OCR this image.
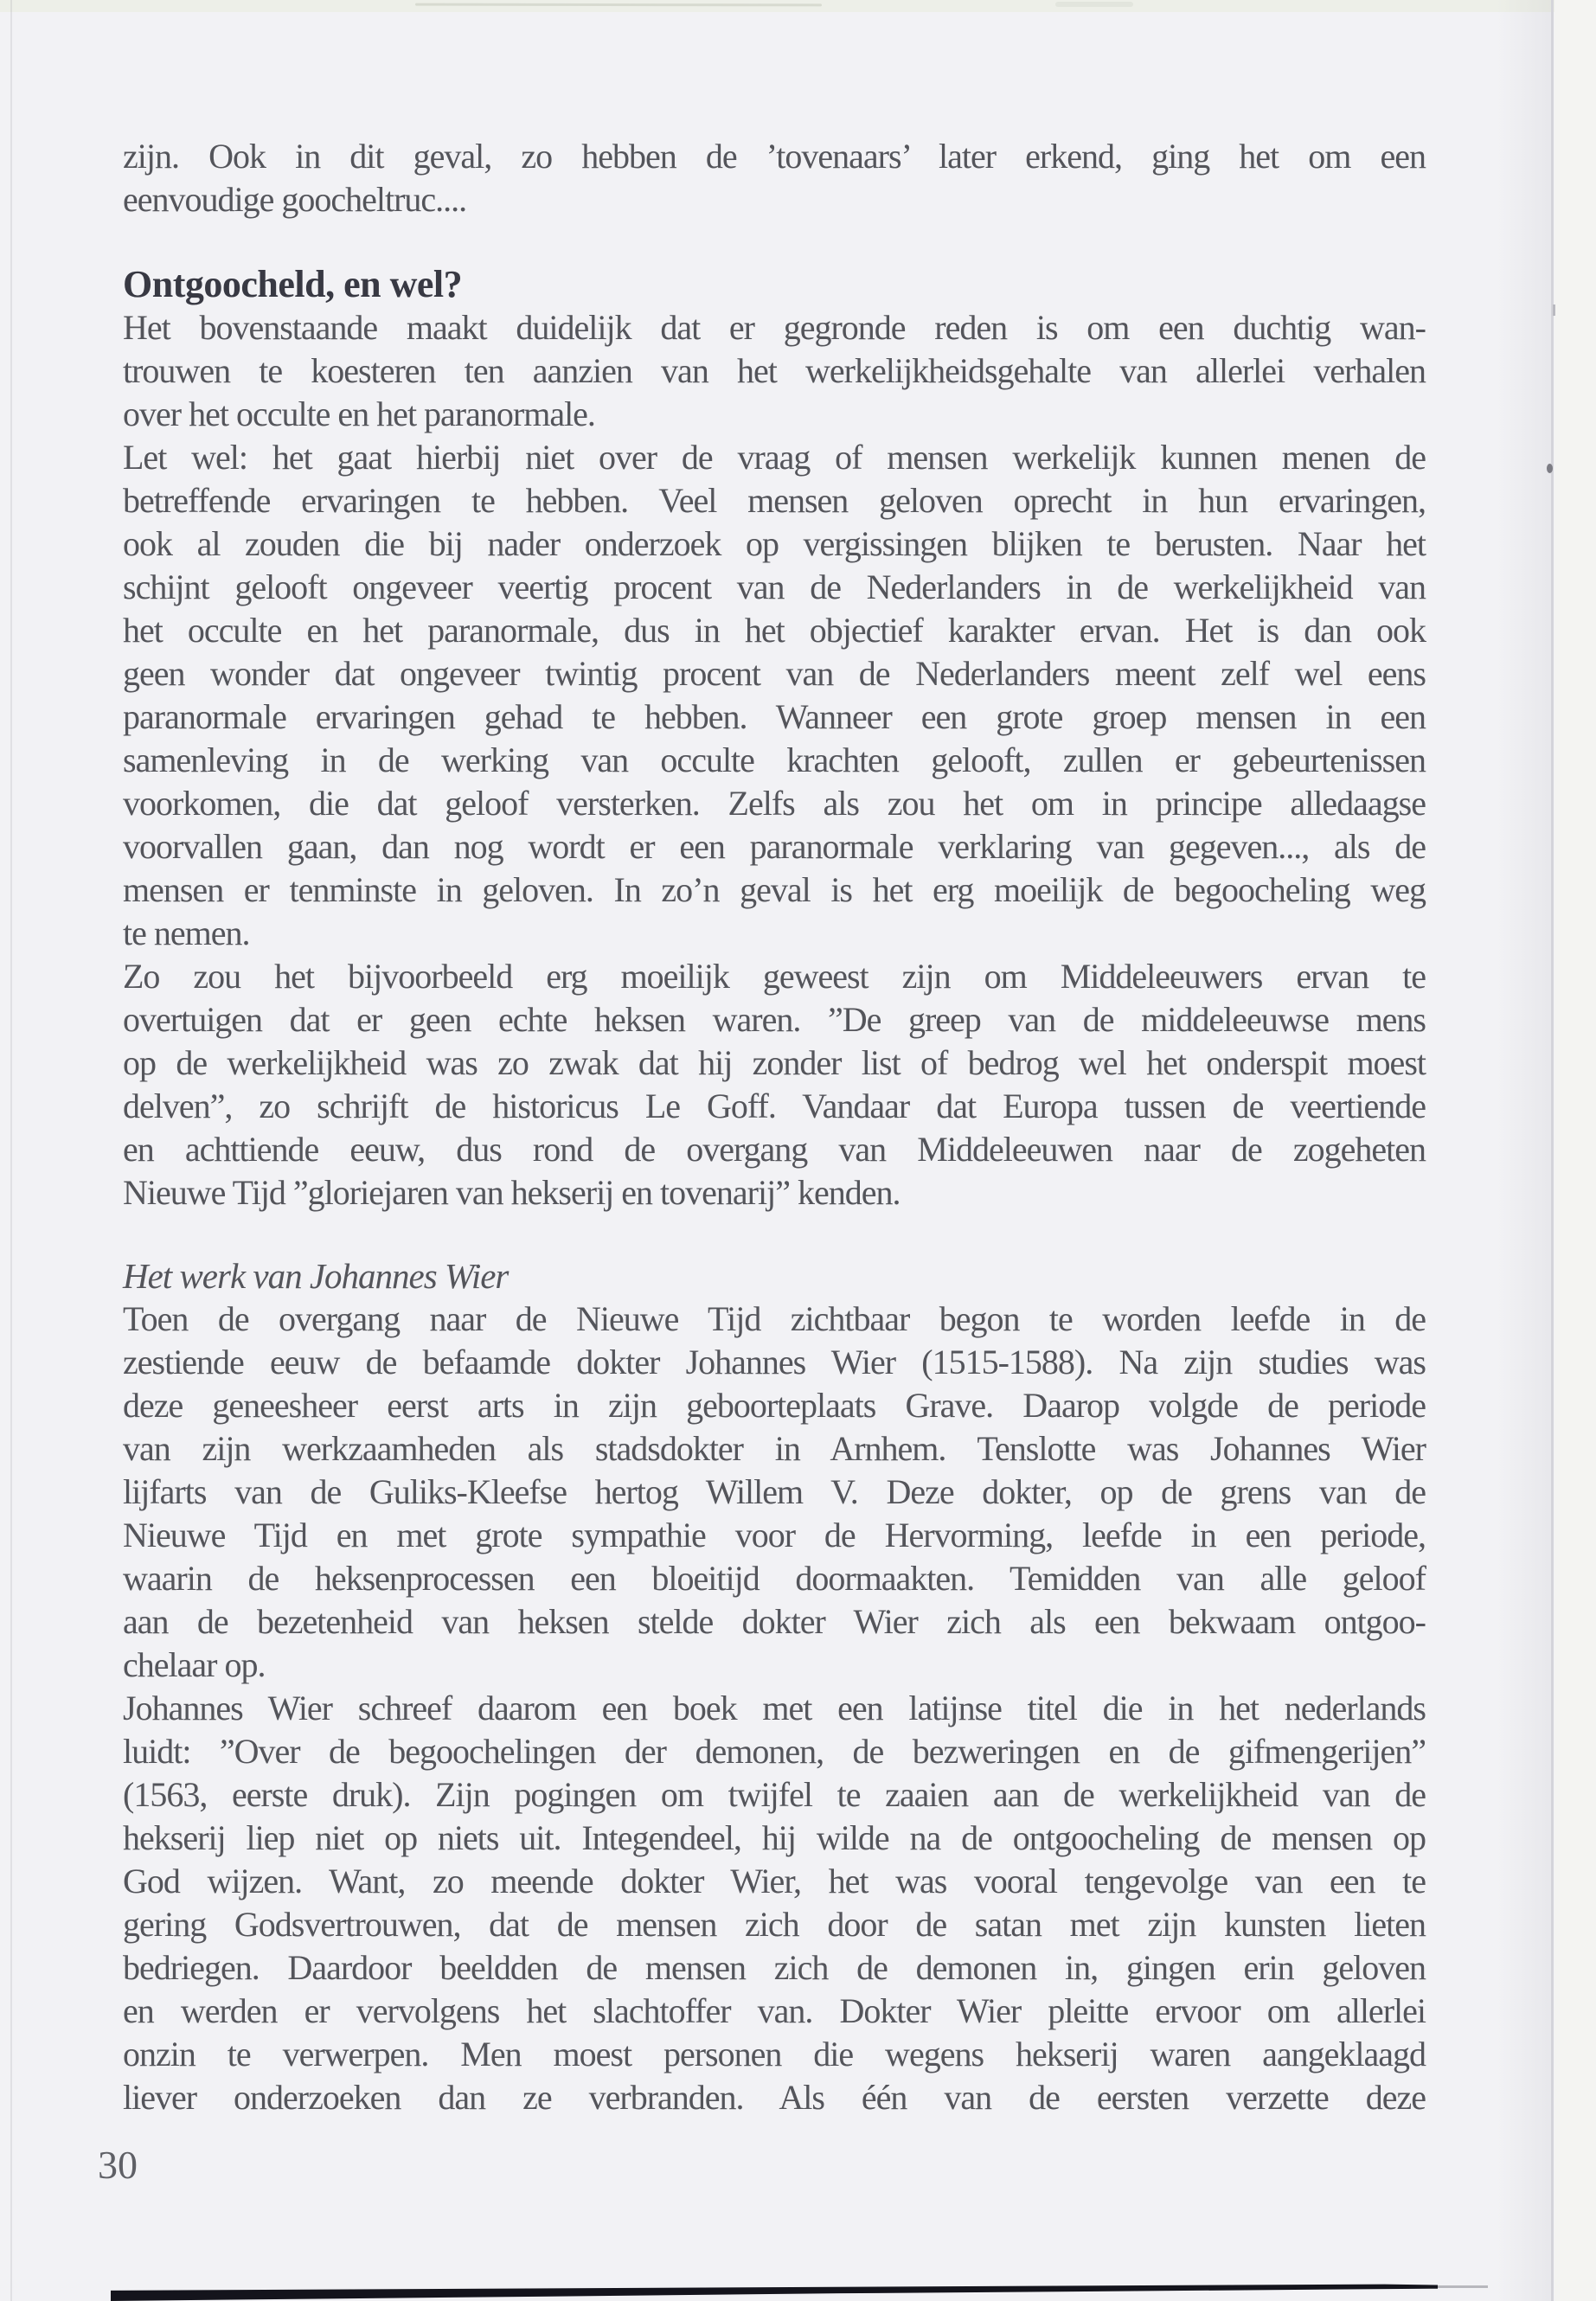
zijn. Ook in dit geval, zo hebben de ’tovenaars’ later erkend, ging het om een
eenvoudige goocheltruc....
Ontgoocheld, en wel?
Het bovenstaande maakt duidelijk dat er gegronde reden is om een duchtig wan-
trouwen te koesteren ten aanzien van het werkelijkheidsgehalte van allerlei verhalen
over het occulte en het paranormale.
Let wel: het gaat hierbij niet over de vraag of mensen werkelijk kunnen menen de
betreffende ervaringen te hebben. Veel mensen geloven oprecht in hun ervaringen,
ook al zouden die bij nader onderzoek op vergissingen blijken te berusten. Naar het
schijnt gelooft ongeveer veertig procent van de Nederlanders in de werkelijkheid van
het occulte en het paranormale, dus in het objectief karakter ervan. Het is dan ook
geen wonder dat ongeveer twintig procent van de Nederlanders meent zelf wel eens
paranormale ervaringen gehad te hebben. Wanneer een grote groep mensen in een
samenleving in de werking van occulte krachten gelooft, zullen er gebeurtenissen
voorkomen, die dat geloof versterken. Zelfs als zou het om in principe alledaagse
voorvallen gaan, dan nog wordt er een paranormale verklaring van gegeven..., als de
mensen er tenminste in geloven. In zo’n geval is het erg moeilijk de begoocheling weg
te nemen.
Zo zou het bijvoorbeeld erg moeilijk geweest zijn om Middeleeuwers ervan te
overtuigen dat er geen echte heksen waren. ”De greep van de middeleeuwse mens
op de werkelijkheid was zo zwak dat hij zonder list of bedrog wel het onderspit moest
delven”, zo schrijft de historicus Le Goff. Vandaar dat Europa tussen de veertiende
en achttiende eeuw, dus rond de overgang van Middeleeuwen naar de zogeheten
Nieuwe Tijd ”gloriejaren van hekserij en tovenarij” kenden.
Het werk van Johannes Wier
Toen de overgang naar de Nieuwe Tijd zichtbaar begon te worden leefde in de
zestiende eeuw de befaamde dokter Johannes Wier (1515-1588). Na zijn studies was
deze geneesheer eerst arts in zijn geboorteplaats Grave. Daarop volgde de periode
van zijn werkzaamheden als stadsdokter in Arnhem. Tenslotte was Johannes Wier
lijfarts van de Guliks-Kleefse hertog Willem V. Deze dokter, op de grens van de
Nieuwe Tijd en met grote sympathie voor de Hervorming, leefde in een periode,
waarin de heksenprocessen een bloeitijd doormaakten. Temidden van alle geloof
aan de bezetenheid van heksen stelde dokter Wier zich als een bekwaam ontgoo-
chelaar op.
Johannes Wier schreef daarom een boek met een latijnse titel die in het nederlands
luidt: ”Over de begoochelingen der demonen, de bezweringen en de gifmengerijen”
(1563, eerste druk). Zijn pogingen om twijfel te zaaien aan de werkelijkheid van de
hekserij liep niet op niets uit. Integendeel, hij wilde na de ontgoocheling de mensen op
God wijzen. Want, zo meende dokter Wier, het was vooral tengevolge van een te
gering Godsvertrouwen, dat de mensen zich door de satan met zijn kunsten lieten
bedriegen. Daardoor beeldden de mensen zich de demonen in, gingen erin geloven
en werden er vervolgens het slachtoffer van. Dokter Wier pleitte ervoor om allerlei
onzin te verwerpen. Men moest personen die wegens hekserij waren aangeklaagd
liever onderzoeken dan ze verbranden. Als één van de eersten verzette deze
30
